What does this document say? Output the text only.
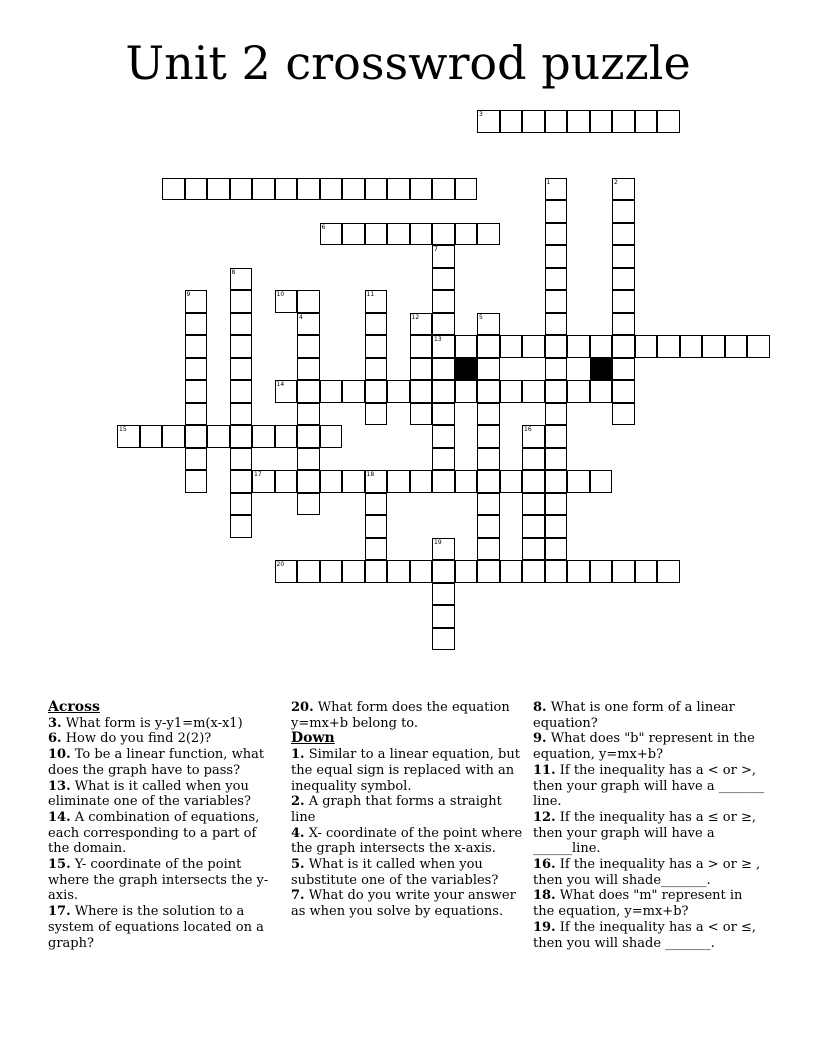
Unit 2 crosswrod puzzle
1	2
3
4	5
6
7
13
8
9	10	11
12
14
15	16
17	18
19
20
Across
3. What form is y-y1=m(x-x1)
6. How do you find 2(2)?
10. To be a linear function, what does the graph have to pass?
13. What is it called when you eliminate one of the variables?
14. A combination of equations, each corresponding to a part of the domain.
15. Y- coordinate of the point where the graph intersects the y-axis.
17. Where is the solution to a system of equations located on a graph?
20. What form does the equation y=mx+b belong to.
Down
1. Similar to a linear equation, but the equal sign is replaced with an inequality symbol.
2. A graph that forms a straight line
4. X- coordinate of the point where the graph intersects the x-axis.
5. What is it called when you substitute one of the variables?
7. What do you write your answer as when you solve by equations.
8. What is one form of a linear equation?
9. What does "b" represent in the equation, y=mx+b?
11. If the inequality has a < or >, then your graph will have a _______ line.
12. If the inequality has a ≤ or ≥, then your graph will have a ______line.
16. If the inequality has a > or ≥ , then you will shade_______.
18. What does "m" represent in the equation, y=mx+b?
19. If the inequality has a < or ≤, then you will shade _______.
